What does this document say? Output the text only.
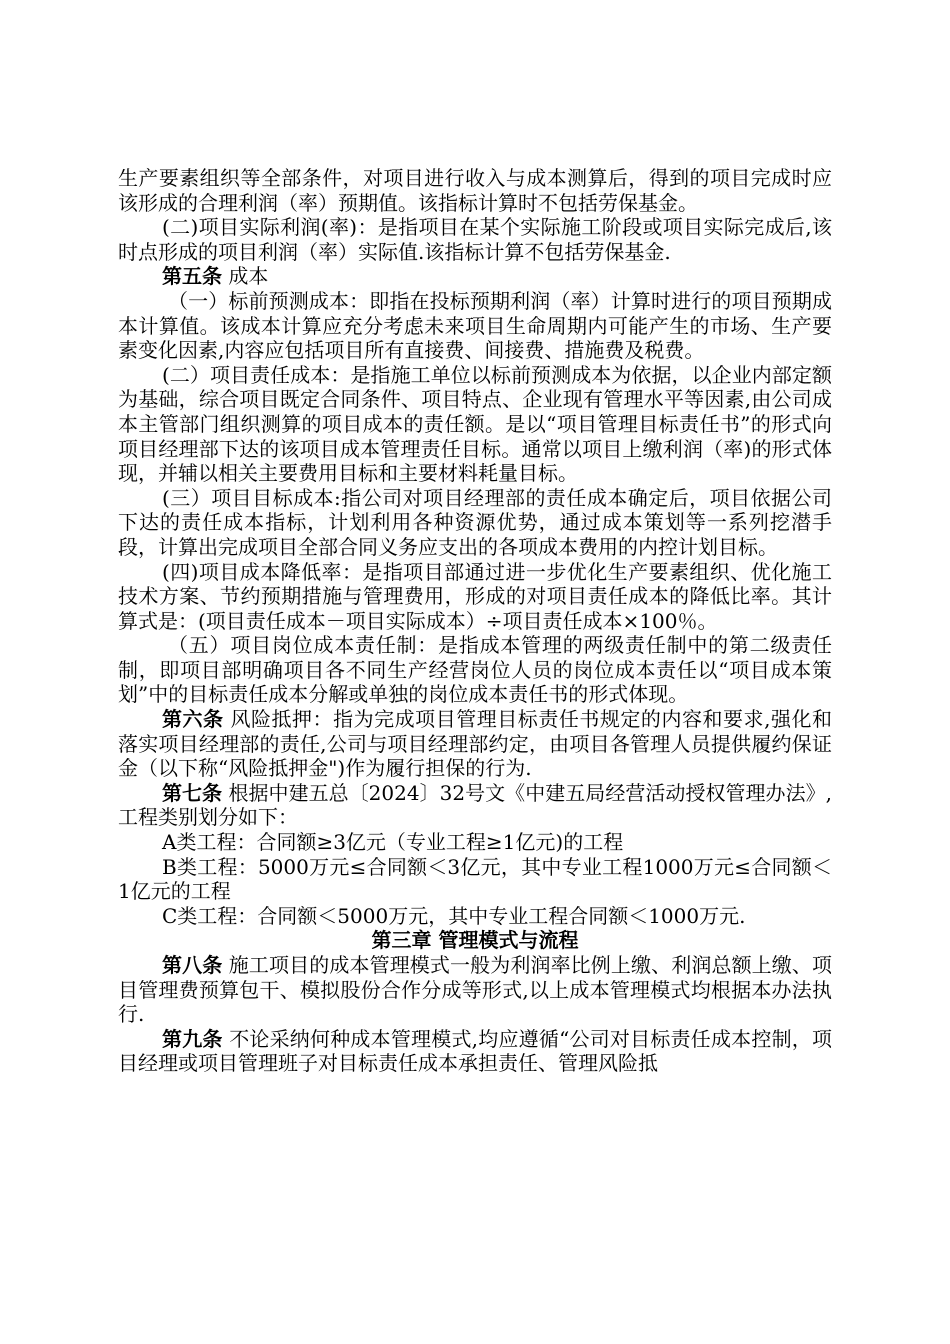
生产要素组织等全部条件，对项目进行收入与成本测算后，得到的项目完成时应该形成的合理利润（率）预期值。该指标计算时不包括劳保基金。

(二)项目实际利润(率)：是指项目在某个实际施工阶段或项目实际完成后,该时点形成的项目利润（率）实际值.该指标计算不包括劳保基金.

第五条 成本

（一）标前预测成本：即指在投标预期利润（率）计算时进行的项目预期成本计算值。该成本计算应充分考虑未来项目生命周期内可能产生的市场、生产要素变化因素,内容应包括项目所有直接费、间接费、措施费及税费。

(二）项目责任成本：是指施工单位以标前预测成本为依据，以企业内部定额为基础，综合项目既定合同条件、项目特点、企业现有管理水平等因素,由公司成本主管部门组织测算的项目成本的责任额。是以“项目管理目标责任书”的形式向项目经理部下达的该项目成本管理责任目标。通常以项目上缴利润（率)的形式体现，并辅以相关主要费用目标和主要材料耗量目标。

(三）项目目标成本:指公司对项目经理部的责任成本确定后，项目依据公司下达的责任成本指标，计划利用各种资源优势，通过成本策划等一系列挖潜手段，计算出完成项目全部合同义务应支出的各项成本费用的内控计划目标。

(四)项目成本降低率：是指项目部通过进一步优化生产要素组织、优化施工技术方案、节约预期措施与管理费用，形成的对项目责任成本的降低比率。其计算式是：(项目责任成本－项目实际成本）÷项目责任成本×100％。

（五）项目岗位成本责任制：是指成本管理的两级责任制中的第二级责任制，即项目部明确项目各不同生产经营岗位人员的岗位成本责任以“项目成本策划”中的目标责任成本分解或单独的岗位成本责任书的形式体现。

第六条 风险抵押：指为完成项目管理目标责任书规定的内容和要求,强化和落实项目经理部的责任,公司与项目经理部约定，由项目各管理人员提供履约保证金（以下称“风险抵押金")作为履行担保的行为.

第七条 根据中建五总〔2024〕32号文《中建五局经营活动授权管理办法》,工程类别划分如下：

A类工程：合同额≥3亿元（专业工程≥1亿元)的工程

B类工程：5000万元≤合同额＜3亿元，其中专业工程1000万元≤合同额＜1亿元的工程

C类工程：合同额＜5000万元，其中专业工程合同额＜1000万元.

第三章 管理模式与流程

第八条 施工项目的成本管理模式一般为利润率比例上缴、利润总额上缴、项目管理费预算包干、模拟股份合作分成等形式,以上成本管理模式均根据本办法执行.

第九条 不论采纳何种成本管理模式,均应遵循“公司对目标责任成本控制，项目经理或项目管理班子对目标责任成本承担责任、管理风险抵
